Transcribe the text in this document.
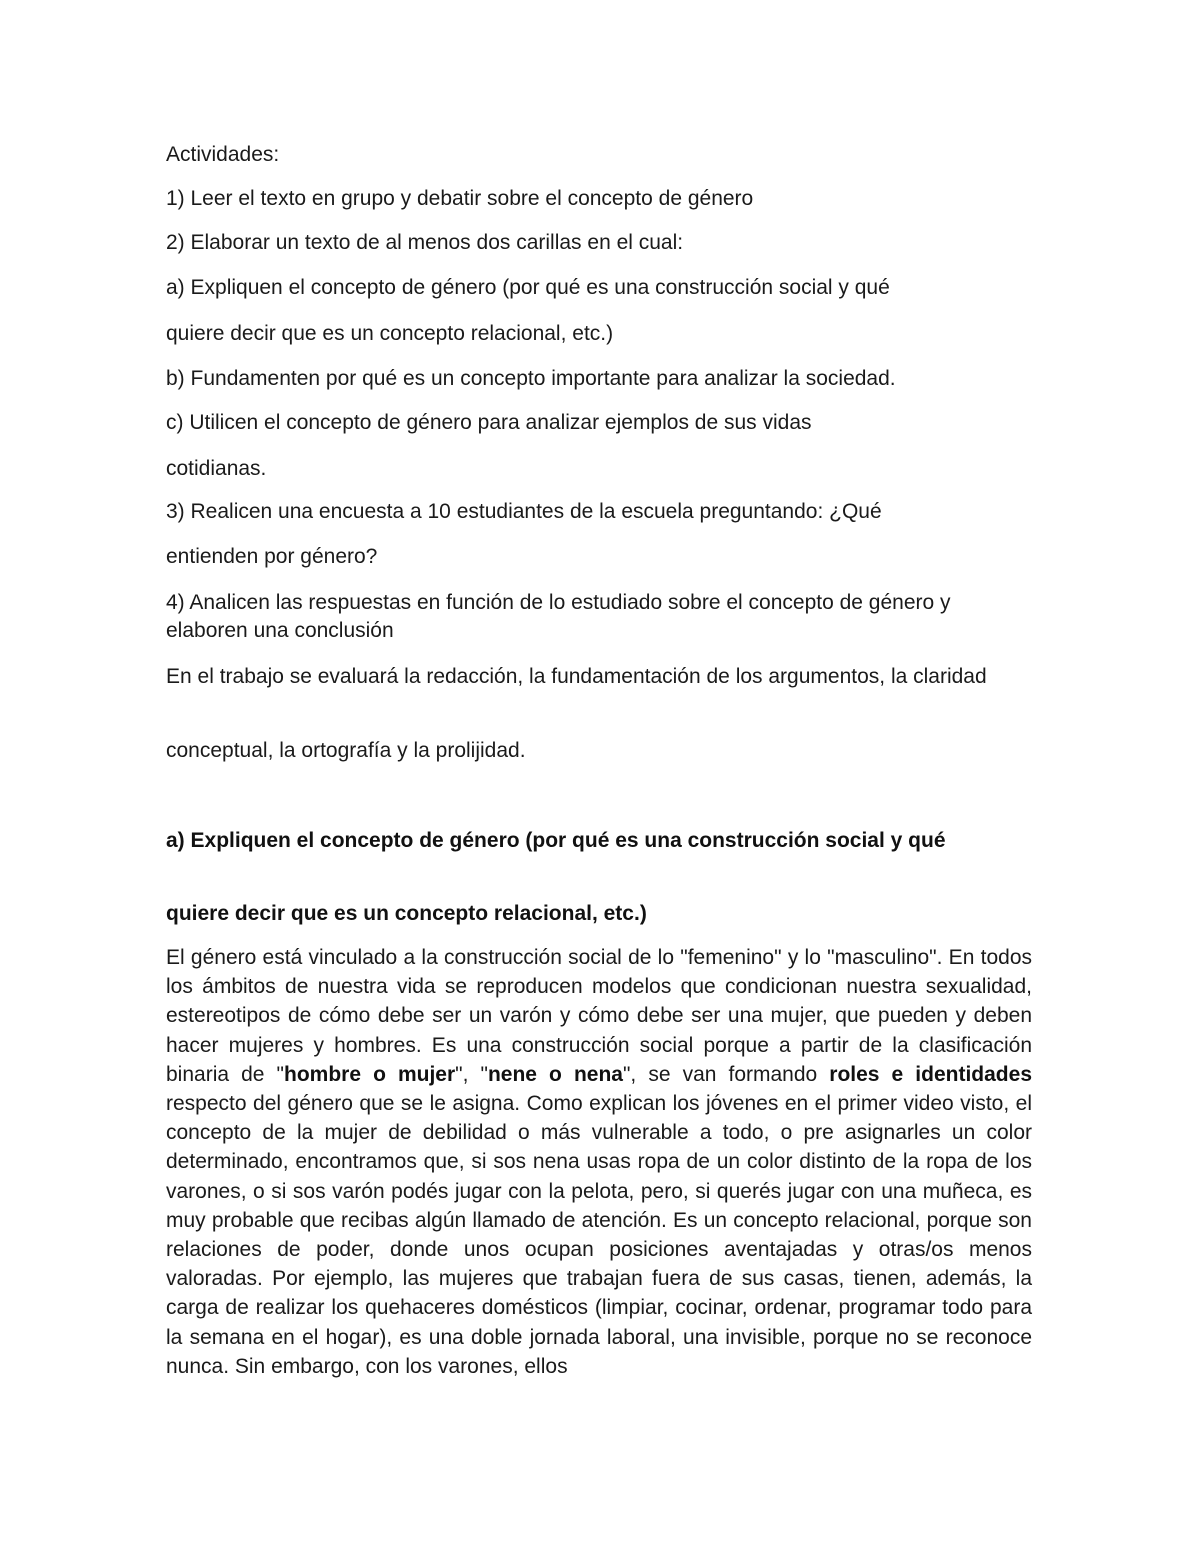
Actividades:

1) Leer el texto en grupo y debatir sobre el concepto de género

2) Elaborar un texto de al menos dos carillas en el cual:

a) Expliquen el concepto de género (por qué es una construcción social y qué

quiere decir que es un concepto relacional, etc.)

b) Fundamenten por qué es un concepto importante para analizar la sociedad.

c) Utilicen el concepto de género para analizar ejemplos de sus vidas

cotidianas.

3) Realicen una encuesta a 10 estudiantes de la escuela preguntando: ¿Qué

entienden por género?

4) Analicen las respuestas en función de lo estudiado sobre el concepto de género y elaboren una conclusión

En el trabajo se evaluará la redacción, la fundamentación de los argumentos, la claridad

conceptual, la ortografía y la prolijidad.

a) Expliquen el concepto de género (por qué es una construcción social y qué

quiere decir que es un concepto relacional, etc.)

El género está vinculado a la construcción social de lo "femenino" y lo "masculino". En todos los ámbitos de nuestra vida se reproducen modelos que condicionan nuestra sexualidad, estereotipos de cómo debe ser un varón y cómo debe ser una mujer, que pueden y deben hacer mujeres y hombres. Es una construcción social porque a partir de la clasificación binaria de "hombre o mujer", "nene o nena", se van formando roles e identidades respecto del género que se le asigna. Como explican los jóvenes en el primer video visto, el concepto de la mujer de debilidad o más vulnerable a todo, o pre asignarles un color determinado, encontramos que, si sos nena usas ropa de un color distinto de la ropa de los varones, o si sos varón podés jugar con la pelota, pero, si querés jugar con una muñeca, es muy probable que recibas algún llamado de atención. Es un concepto relacional, porque son relaciones de poder, donde unos ocupan posiciones aventajadas y otras/os menos valoradas. Por ejemplo, las mujeres que trabajan fuera de sus casas, tienen, además, la carga de realizar los quehaceres domésticos (limpiar, cocinar, ordenar, programar todo para la semana en el hogar), es una doble jornada laboral, una invisible, porque no se reconoce nunca. Sin embargo, con los varones, ellos
